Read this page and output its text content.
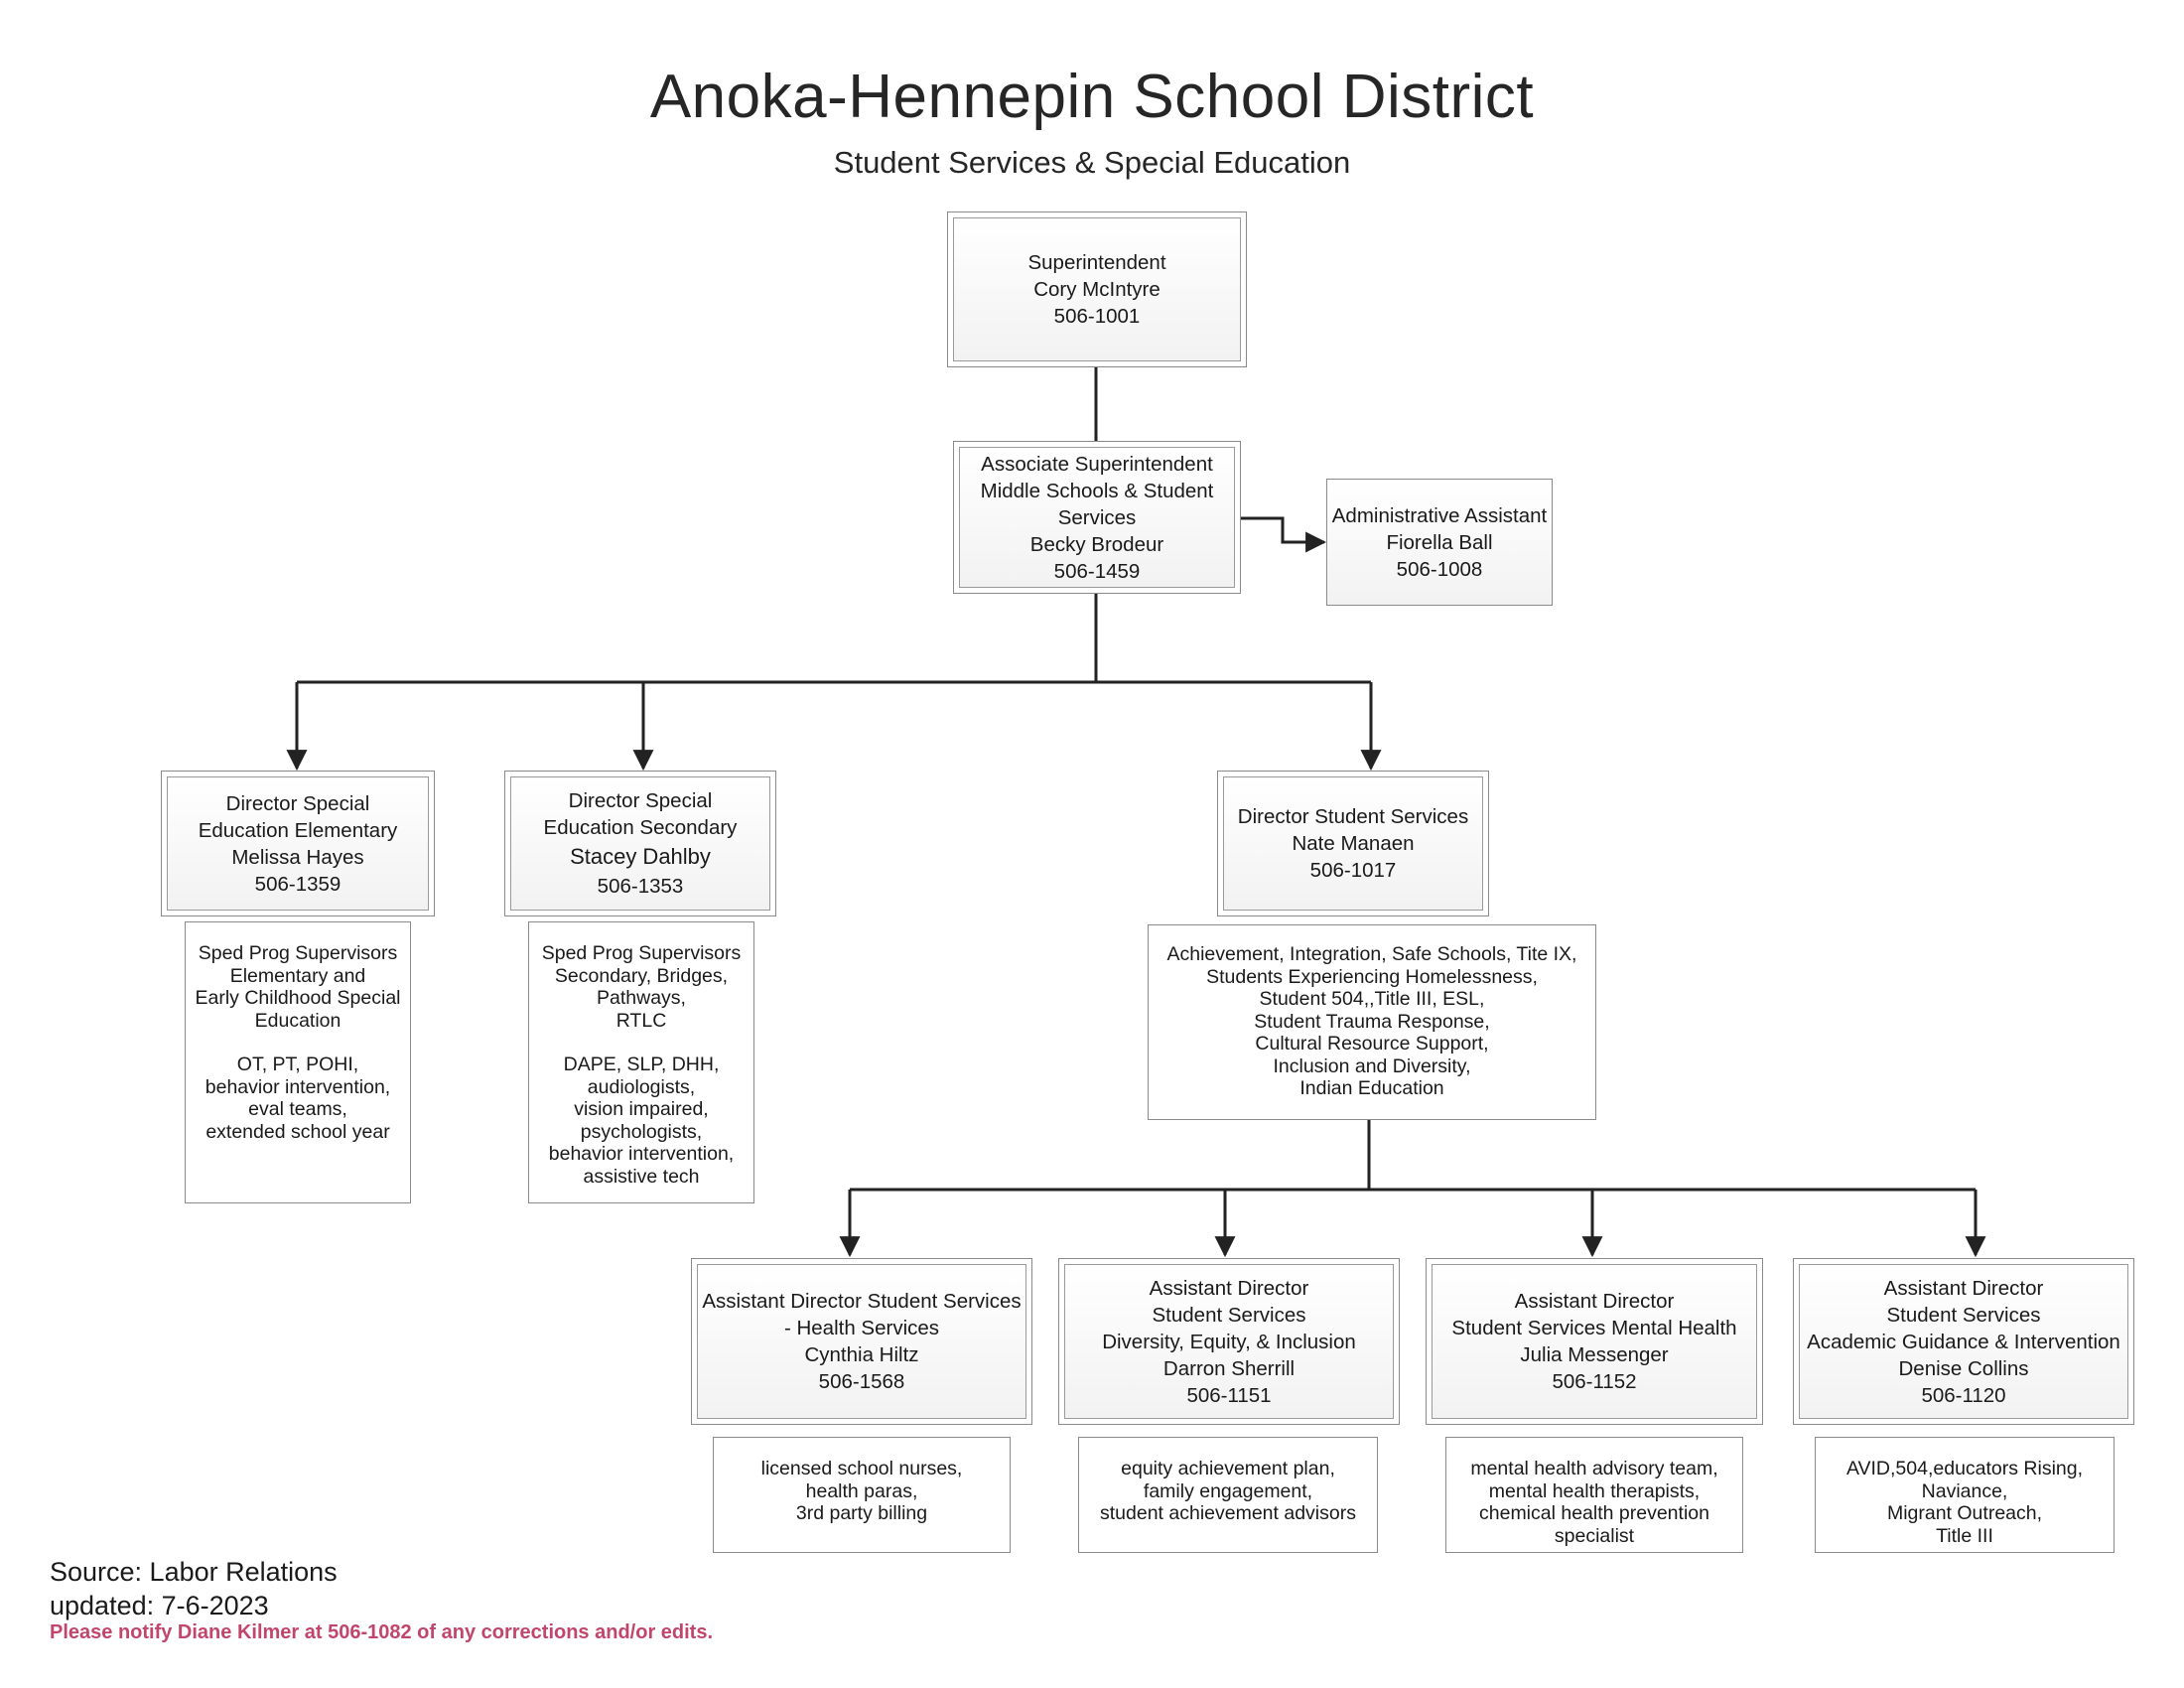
Anoka-Hennepin School District
Student Services & Special Education
Superintendent
Cory McIntyre
506-1001
Associate Superintendent
Middle Schools & Student
Services
Becky Brodeur
506-1459
Administrative Assistant
Fiorella Ball
506-1008
Director Special
Education Elementary
Melissa Hayes
506-1359
Director Special
Education Secondary
Stacey Dahlby
506-1353
Director Student Services
Nate Manaen
506-1017
Sped Prog Supervisors
Elementary and
Early Childhood Special
Education
OT, PT, POHI,
behavior intervention,
eval teams,
extended school year
Sped Prog Supervisors
Secondary, Bridges,
Pathways,
RTLC
DAPE, SLP, DHH,
audiologists,
vision impaired,
psychologists,
behavior intervention,
assistive tech
Achievement, Integration, Safe Schools, Tite IX,
Students Experiencing Homelessness,
Student 504,,Title III, ESL,
Student Trauma Response,
Cultural Resource Support,
Inclusion and Diversity,
Indian Education
Assistant Director Student Services
- Health Services
Cynthia Hiltz
506-1568
Assistant Director
Student Services
Diversity, Equity, & Inclusion
Darron Sherrill
506-1151
Assistant Director
Student Services Mental Health
Julia Messenger
506-1152
Assistant Director
Student Services
Academic Guidance & Intervention
Denise Collins
506-1120
licensed school nurses,
health paras,
3rd party billing
equity achievement plan,
family engagement,
student achievement advisors
mental health advisory team,
mental health therapists,
chemical health prevention
specialist
AVID,504,educators Rising,
Naviance,
Migrant Outreach,
Title III
Source: Labor Relations
updated: 7-6-2023
Please notify Diane Kilmer at 506-1082 of any corrections and/or edits.
